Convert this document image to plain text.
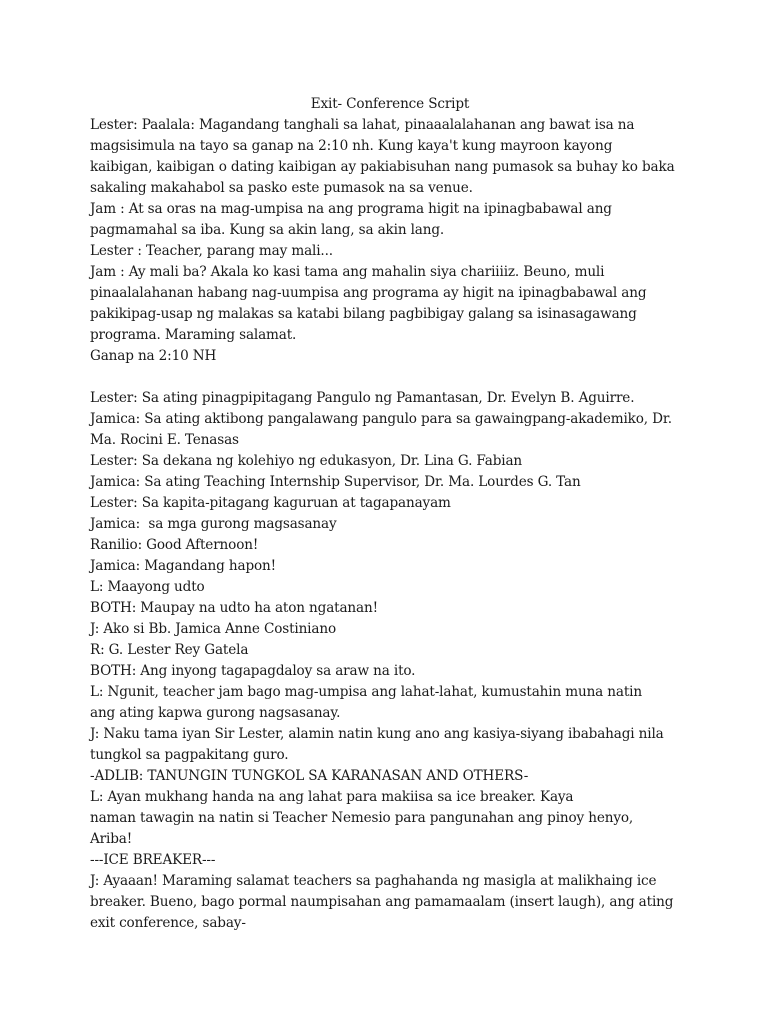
Exit- Conference Script

Lester: Paalala: Magandang tanghali sa lahat, pinaaalalahanan ang bawat isa na

magsisimula na tayo sa ganap na 2:10 nh. Kung kaya't kung mayroon kayong

kaibigan, kaibigan o dating kaibigan ay pakiabisuhan nang pumasok sa buhay ko baka

sakaling makahabol sa pasko este pumasok na sa venue.

Jam : At sa oras na mag-umpisa na ang programa higit na ipinagbabawal ang

pagmamahal sa iba. Kung sa akin lang, sa akin lang.

Lester : Teacher, parang may mali...

Jam : Ay mali ba? Akala ko kasi tama ang mahalin siya chariiiiz. Beuno, muli

pinaalalahanan habang nag-uumpisa ang programa ay higit na ipinagbabawal ang

pakikipag-usap ng malakas sa katabi bilang pagbibigay galang sa isinasagawang

programa. Maraming salamat.

Ganap na 2:10 NH

Lester: Sa ating pinagpipitagang Pangulo ng Pamantasan, Dr. Evelyn B. Aguirre.

Jamica: Sa ating aktibong pangalawang pangulo para sa gawaingpang-akademiko, Dr.

Ma. Rocini E. Tenasas

Lester: Sa dekana ng kolehiyo ng edukasyon, Dr. Lina G. Fabian

Jamica: Sa ating Teaching Internship Supervisor, Dr. Ma. Lourdes G. Tan

Lester: Sa kapita-pitagang kaguruan at tagapanayam

Jamica:  sa mga gurong magsasanay

Ranilio: Good Afternoon!

Jamica: Magandang hapon!

L: Maayong udto

BOTH: Maupay na udto ha aton ngatanan!

J: Ako si Bb. Jamica Anne Costiniano

R: G. Lester Rey Gatela

BOTH: Ang inyong tagapagdaloy sa araw na ito.

L: Ngunit, teacher jam bago mag-umpisa ang lahat-lahat, kumustahin muna natin

ang ating kapwa gurong nagsasanay.

J: Naku tama iyan Sir Lester, alamin natin kung ano ang kasiya-siyang ibabahagi nila

tungkol sa pagpakitang guro.

-ADLIB: TANUNGIN TUNGKOL SA KARANASAN AND OTHERS-

L: Ayan mukhang handa na ang lahat para makiisa sa ice breaker. Kaya

naman tawagin na natin si Teacher Nemesio para pangunahan ang pinoy henyo,

Ariba!

---ICE BREAKER---

J: Ayaaan! Maraming salamat teachers sa paghahanda ng masigla at malikhaing ice

breaker. Bueno, bago pormal naumpisahan ang pamamaalam (insert laugh), ang ating

exit conference, sabay-
